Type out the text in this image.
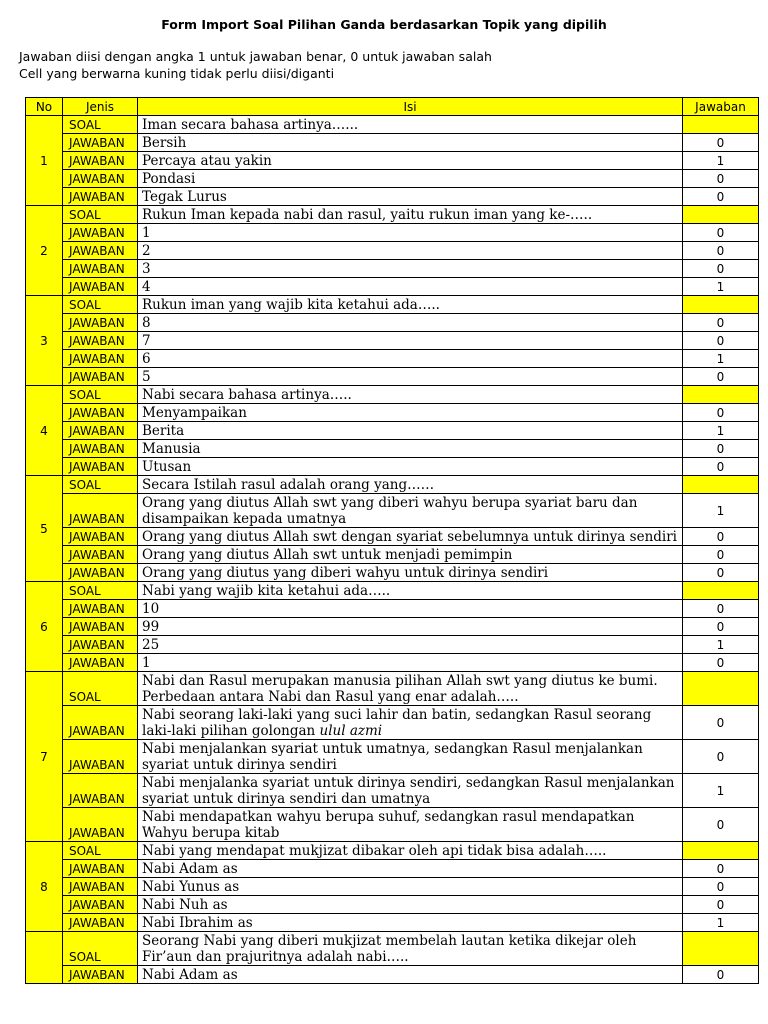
Form Import Soal Pilihan Ganda berdasarkan Topik yang dipilih
Jawaban diisi dengan angka 1 untuk jawaban benar, 0 untuk jawaban salah
Cell yang berwarna kuning tidak perlu diisi/diganti
No	Jenis	Isi	Jawaban
1	SOAL	Iman secara bahasa artinya…...	
	JAWABAN	Bersih	0
	JAWABAN	Percaya atau yakin	1
	JAWABAN	Pondasi	0
	JAWABAN	Tegak Lurus	0
2	SOAL	Rukun Iman kepada nabi dan rasul, yaitu rukun iman yang ke-…..	
	JAWABAN	1	0
	JAWABAN	2	0
	JAWABAN	3	0
	JAWABAN	4	1
3	SOAL	Rukun iman yang wajib kita ketahui ada…..	
	JAWABAN	8	0
	JAWABAN	7	0
	JAWABAN	6	1
	JAWABAN	5	0
4	SOAL	Nabi secara bahasa artinya…..	
	JAWABAN	Menyampaikan	0
	JAWABAN	Berita	1
	JAWABAN	Manusia	0
	JAWABAN	Utusan	0
5	SOAL	Secara Istilah rasul adalah orang yang……	
	JAWABAN	Orang yang diutus Allah swt yang diberi wahyu berupa syariat baru dan disampaikan kepada umatnya	1
	JAWABAN	Orang yang diutus Allah swt dengan syariat sebelumnya untuk dirinya sendiri	0
	JAWABAN	Orang yang diutus Allah swt untuk menjadi pemimpin	0
	JAWABAN	Orang yang diutus yang diberi wahyu untuk dirinya sendiri	0
6	SOAL	Nabi yang wajib kita ketahui ada…..	
	JAWABAN	10	0
	JAWABAN	99	0
	JAWABAN	25	1
	JAWABAN	1	0
7	SOAL	Nabi dan Rasul merupakan manusia pilihan Allah swt yang diutus ke bumi. Perbedaan antara Nabi dan Rasul yang enar adalah…..	
	JAWABAN	Nabi seorang laki-laki yang suci lahir dan batin, sedangkan Rasul seorang laki-laki pilihan golongan ulul azmi	0
	JAWABAN	Nabi menjalankan syariat untuk umatnya, sedangkan Rasul menjalankan syariat untuk dirinya sendiri	0
	JAWABAN	Nabi menjalanka syariat untuk dirinya sendiri, sedangkan Rasul menjalankan syariat untuk dirinya sendiri dan umatnya	1
	JAWABAN	Nabi mendapatkan wahyu berupa suhuf, sedangkan rasul mendapatkan Wahyu berupa kitab	0
8	SOAL	Nabi yang mendapat mukjizat dibakar oleh api tidak bisa adalah…..	
	JAWABAN	Nabi Adam as	0
	JAWABAN	Nabi Yunus as	0
	JAWABAN	Nabi Nuh as	0
	JAWABAN	Nabi Ibrahim as	1
	SOAL	Seorang Nabi yang diberi mukjizat membelah lautan ketika dikejar oleh Fir’aun dan prajuritnya adalah nabi…..	
	JAWABAN	Nabi Adam as	0
